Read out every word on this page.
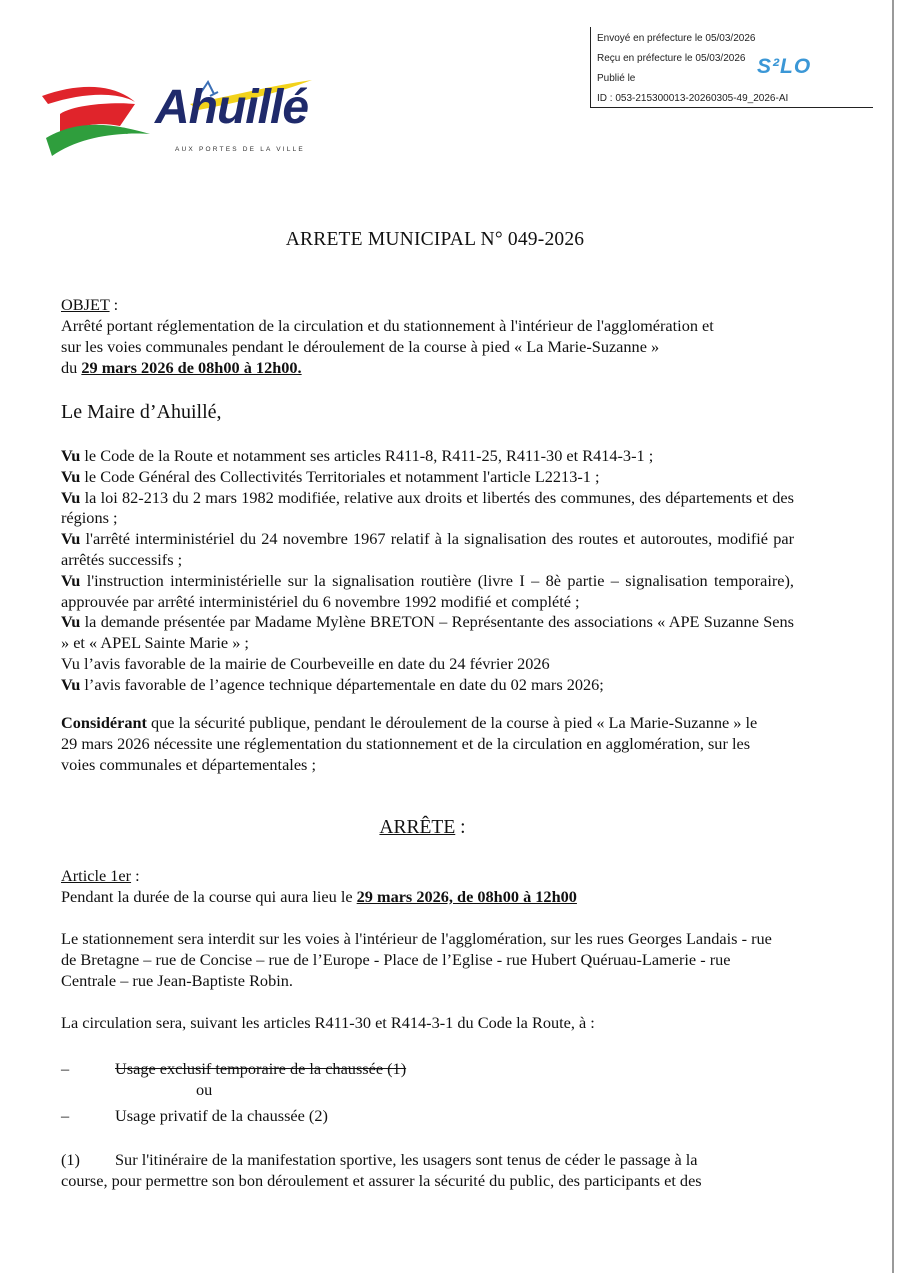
Ahuillé
AUX PORTES DE LA VILLE
Envoyé en préfecture le 05/03/2026
Reçu en préfecture le 05/03/2026
Publié le
ID : 053-215300013-20260305-49_2026-AI
S²LO
ARRETE MUNICIPAL N° 049-2026
OBJET :
Arrêté portant réglementation de la circulation et du stationnement à l'intérieur de l'agglomération et
sur les voies communales pendant le déroulement de la course à pied « La Marie-Suzanne »
du 29 mars 2026 de 08h00 à 12h00.
Le Maire d’Ahuillé,
Vu le Code de la Route et notamment ses articles R411-8, R411-25, R411-30 et R414-3-1 ;
Vu le Code Général des Collectivités Territoriales et notamment l'article L2213-1 ;
Vu la loi 82-213 du 2 mars 1982 modifiée, relative aux droits et libertés des communes, des départements et des régions ;
Vu l'arrêté interministériel du 24 novembre 1967 relatif à la signalisation des routes et autoroutes, modifié par arrêtés successifs ;
Vu l'instruction interministérielle sur la signalisation routière (livre I – 8è partie – signalisation temporaire), approuvée par arrêté interministériel du 6 novembre 1992 modifié et complété ;
Vu la demande présentée par Madame Mylène BRETON – Représentante des associations « APE Suzanne Sens » et « APEL Sainte Marie » ;
Vu l’avis favorable de la mairie de Courbeveille en date du 24 février 2026
Vu l’avis favorable de l’agence technique départementale en date du 02 mars 2026;
Considérant que la sécurité publique, pendant le déroulement de la course à pied « La Marie-Suzanne » le 29 mars 2026 nécessite une réglementation du stationnement et de la circulation en agglomération, sur les voies communales et départementales ;
ARRÊTE :
Article 1er :
Pendant la durée de la course qui aura lieu le 29 mars 2026, de 08h00 à 12h00
Le stationnement sera interdit sur les voies à l'intérieur de l'agglomération, sur les rues Georges Landais - rue de Bretagne – rue de Concise – rue de l’Europe - Place de l’Eglise - rue Hubert Quéruau-Lamerie - rue Centrale – rue Jean-Baptiste Robin.
La circulation sera, suivant les articles R411-30 et R414-3-1 du Code la Route, à :
–	Usage exclusif temporaire de la chaussée (1)
ou
–	Usage privatif de la chaussée (2)
(1) Sur l'itinéraire de la manifestation sportive, les usagers sont tenus de céder le passage à la
course, pour permettre son bon déroulement et assurer la sécurité du public, des participants et des
